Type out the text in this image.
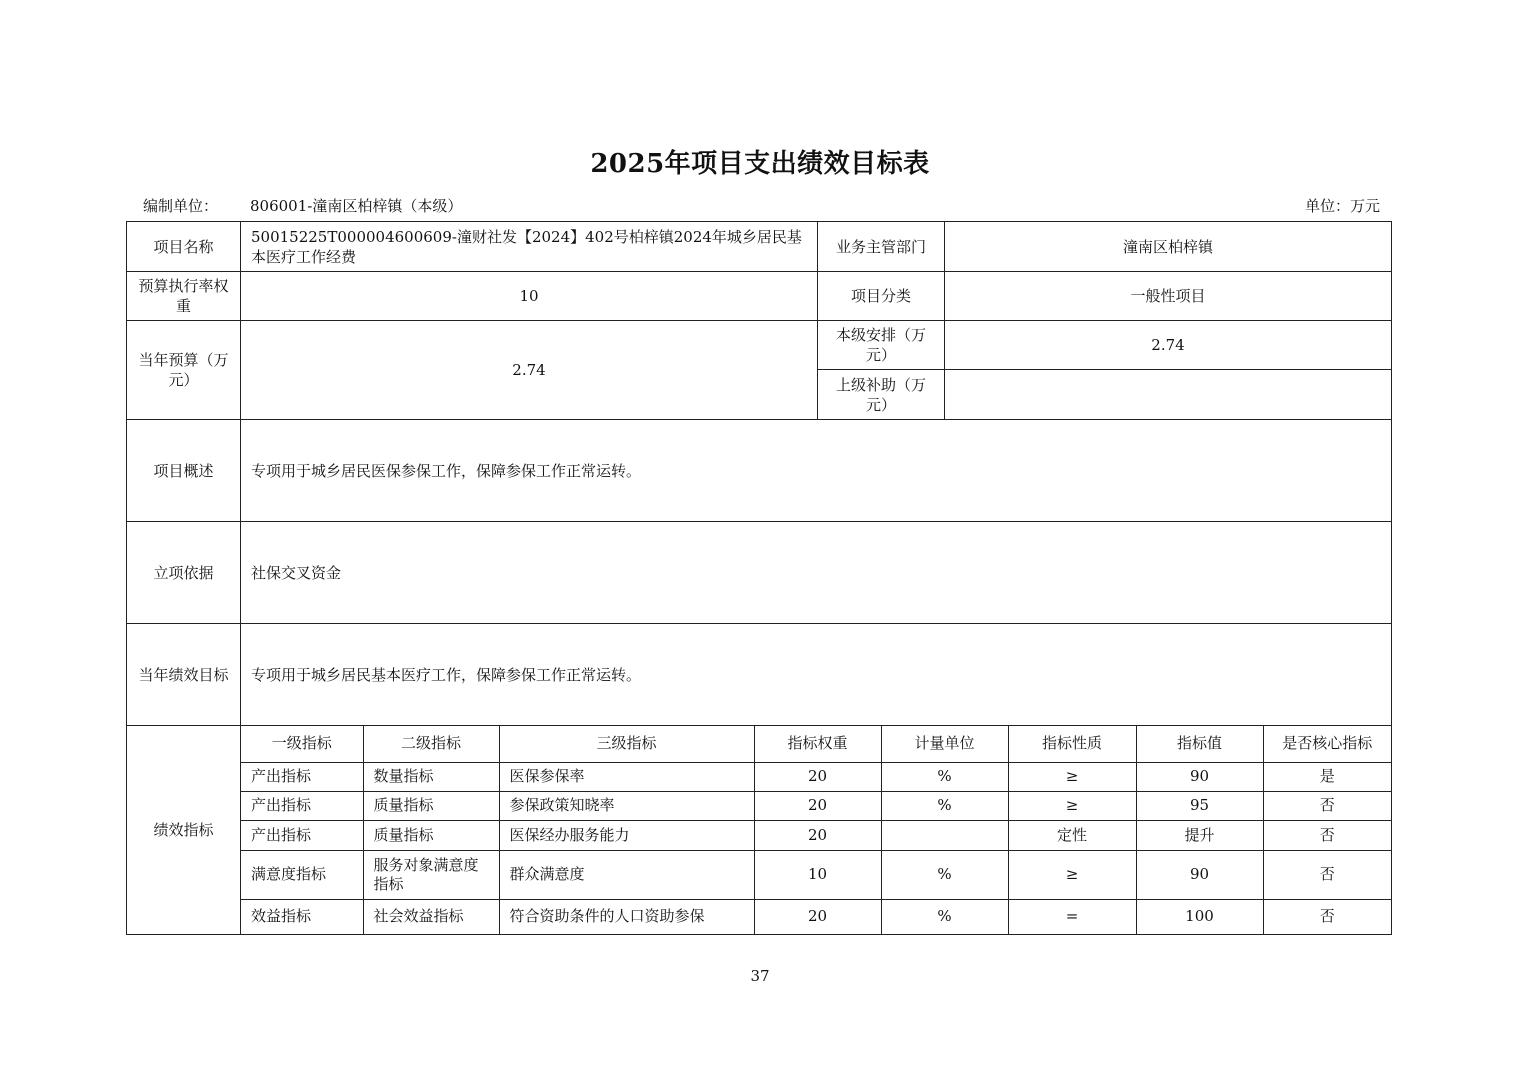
2025年项目支出绩效目标表
编制单位： 806001-潼南区柏梓镇（本级）	单位：万元
项目名称	50015225T000004600609-潼财社发【2024】402号柏梓镇2024年城乡居民基本医疗工作经费	业务主管部门	潼南区柏梓镇
预算执行率权重	10	项目分类	一般性项目
当年预算（万元）	2.74	本级安排（万元）	2.74
上级补助（万元）	
项目概述	专项用于城乡居民医保参保工作，保障参保工作正常运转。
立项依据	社保交叉资金
当年绩效目标	专项用于城乡居民基本医疗工作，保障参保工作正常运转。
绩效指标	
一级指标	二级指标	三级指标	指标权重	计量单位	指标性质	指标值	是否核心指标
产出指标	数量指标	医保参保率	20	%	≥	90	是
产出指标	质量指标	参保政策知晓率	20	%	≥	95	否
产出指标	质量指标	医保经办服务能力	20		定性	提升	否
满意度指标	服务对象满意度指标	群众满意度	10	%	≥	90	否
效益指标	社会效益指标	符合资助条件的人口资助参保	20	%	=	100	否
37
